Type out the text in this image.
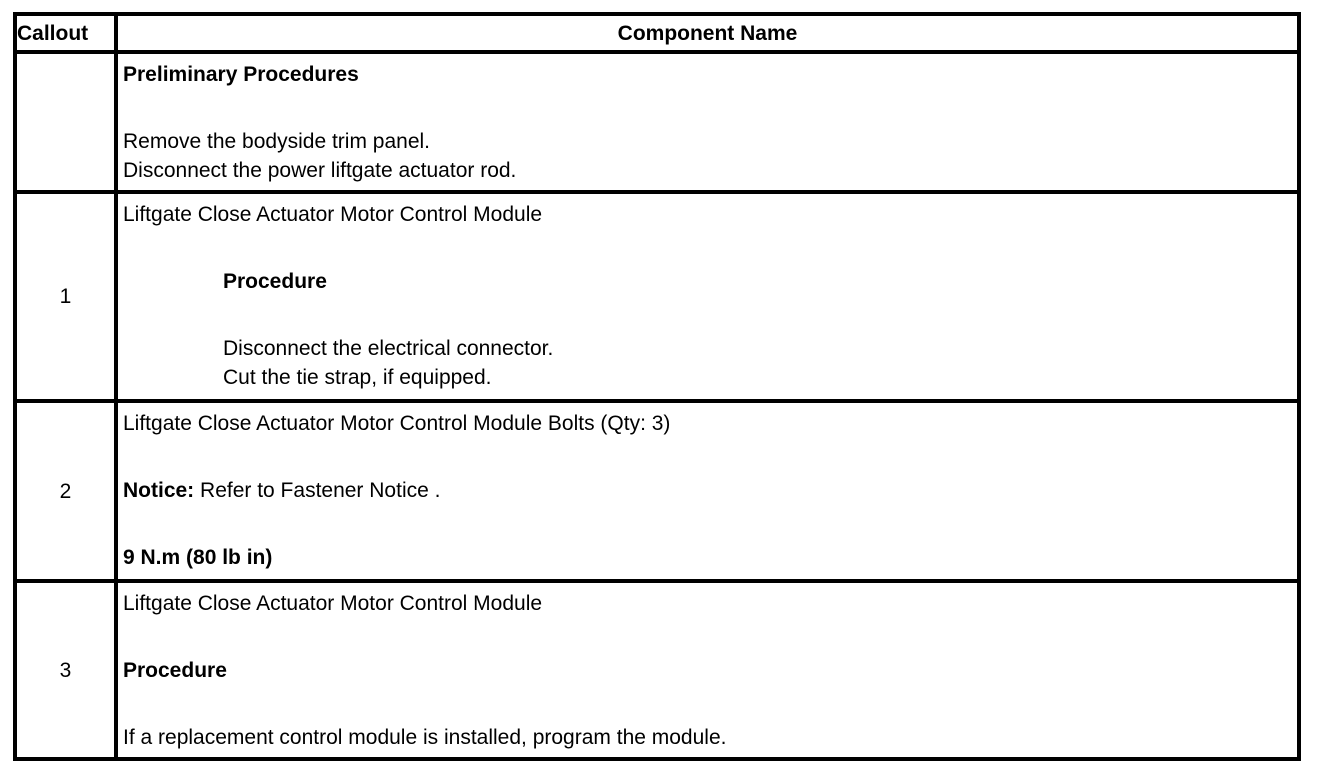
Callout	Component Name

	Preliminary Procedures
Remove the bodyside trim panel.
Disconnect the power liftgate actuator rod.

1	Liftgate Close Actuator Motor Control Module
Procedure
Disconnect the electrical connector.
Cut the tie strap, if equipped.

2	Liftgate Close Actuator Motor Control Module Bolts (Qty: 3)
Notice: Refer to Fastener Notice .
9 N.m (80 lb in)

3	Liftgate Close Actuator Motor Control Module
Procedure
If a replacement control module is installed, program the module.
